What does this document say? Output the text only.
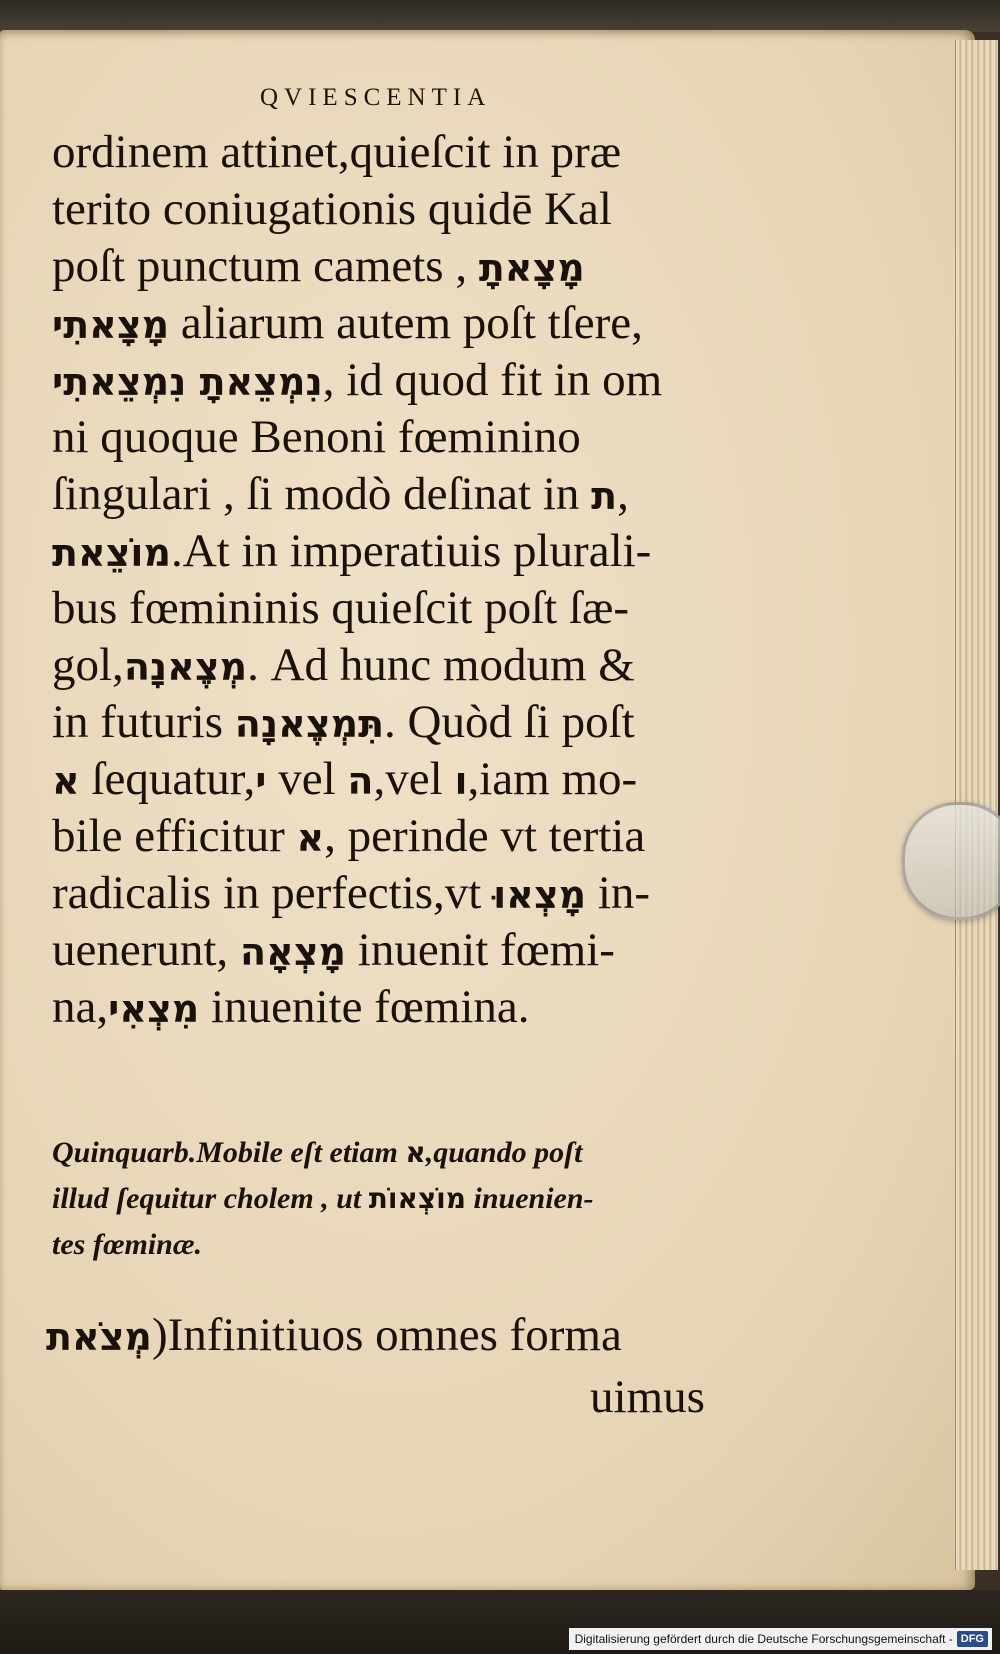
QVIESCENTIA
ordinem attinet,quieſcit in præ
terito coniugationis quidē Kal
poſt punctum camets , מָצָאתָ
מָצָאתִי aliarum autem poſt tſere,
נִמְצֵאתָ נִמְצֵאתִי, id quod fit in om
ni quoque Benoni fœminino
ſingulari , ſi modò deſinat in ת,
מוֹצֵאת.At in imperatiuis plurali-
bus fœmininis quieſcit poſt ſæ-
gol,מְצֶאנָה. Ad hunc modum &
in futuris תִּמְצֶאנָה. Quòd ſi poſt
א ſequatur,י vel ה,vel ו,iam mo-
bile efficitur א, perinde vt tertia
radicalis in perfectis,vt מָצְאוּ in-
uenerunt, מָצְאָה inuenit fœmi-
na,מִצְאִי inuenite fœmina.
Quinquarb.Mobile eſt etiam א,quando poſt
illud ſequitur cholem , ut מוֹצְאוֹת inuenien-
tes fœminæ.
מְצֹאת)Infinitiuos omnes forma
uimus
Digitalisierung gefördert durch die Deutsche Forschungsgemeinschaft - DFG
